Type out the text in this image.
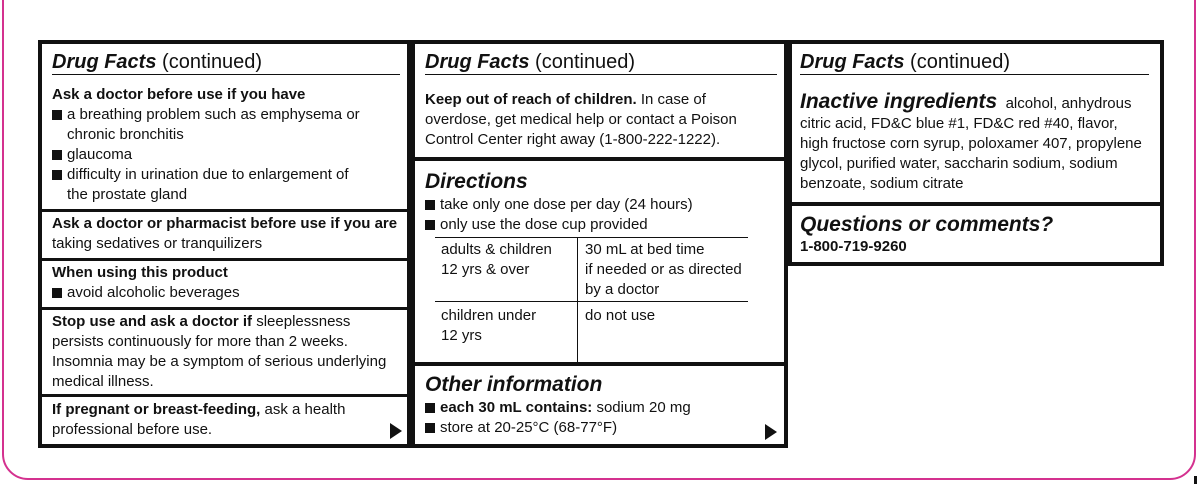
Drug Facts (continued)
Ask a doctor before use if you have
a breathing problem such as emphysema or
chronic bronchitis
glaucoma
difficulty in urination due to enlargement of
the prostate gland
Ask a doctor or pharmacist before use if you are
taking sedatives or tranquilizers
When using this product
avoid alcoholic beverages
Stop use and ask a doctor if sleeplessness
persists continuously for more than 2 weeks.
Insomnia may be a symptom of serious underlying
medical illness.
If pregnant or breast-feeding, ask a health
professional before use.
Drug Facts (continued)
Keep out of reach of children. In case of
overdose, get medical help or contact a Poison
Control Center right away (1-800-222-1222).
Directions
take only one dose per day (24 hours)
only use the dose cup provided
adults & children
12 yrs & over
30 mL at bed time
if needed or as directed
by a doctor
children under
12 yrs
do not use
Other information
each 30 mL contains: sodium 20 mg
store at 20-25°C (68-77°F)
Drug Facts (continued)
Inactive ingredients alcohol, anhydrous
citric acid, FD&C blue #1, FD&C red #40, flavor,
high fructose corn syrup, poloxamer 407, propylene
glycol, purified water, saccharin sodium, sodium
benzoate, sodium citrate
Questions or comments?
1-800-719-9260
